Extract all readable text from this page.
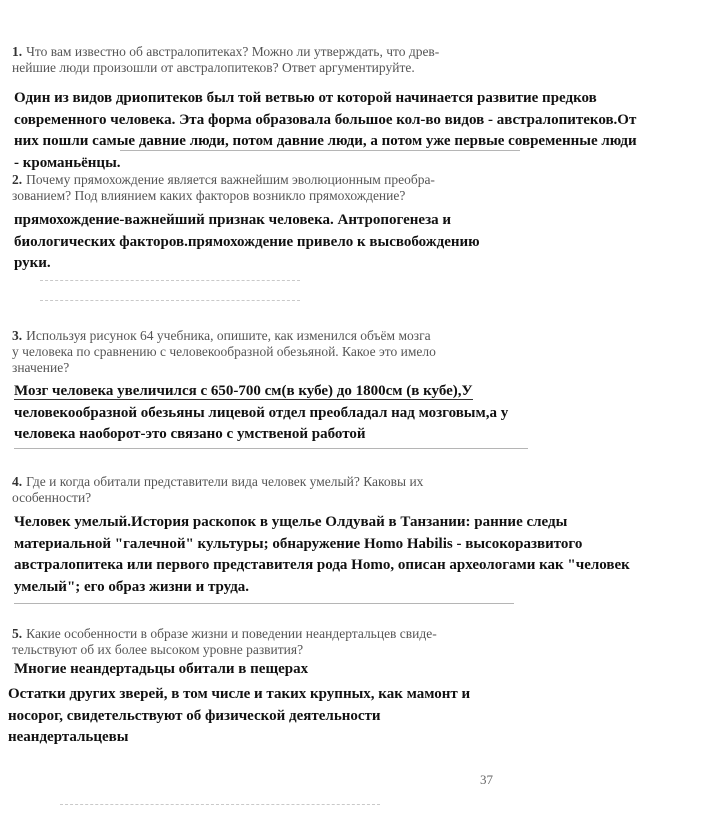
1. Что вам известно об австралопитеках? Можно ли утверждать, что древ-
нейшие люди произошли от австралопитеков? Ответ аргументируйте.
Один из видов дриопитеков был той ветвью от которой начинается развитие предков
современного человека. Эта форма образовала большое кол-во видов - австралопитеков.От
них пошли самые давние люди, потом давние люди, а потом уже первые современные люди
- кроманьёнцы.
2. Почему прямохождение является важнейшим эволюционным преобра-
зованием? Под влиянием каких факторов возникло прямохождение?
прямохождение-важнейший признак человека. Антропогенеза и
биологических факторов.прямохождение привело к высвобождению
руки.
3. Используя рисунок 64 учебника, опишите, как изменился объём мозга
у человека по сравнению с человекообразной обезьяной. Какое это имело
значение?
Мозг человека увеличился с 650-700 см(в кубе) до 1800см (в кубе),У
человекообразной обезьяны лицевой отдел преобладал над мозговым,а у
человека наоборот-это связано с умственой работой
4. Где и когда обитали представители вида человек умелый? Каковы их
особенности?
Человек умелый.История раскопок в ущелье Олдувай в Танзании: ранние следы
материальной "галечной" культуры; обнаружение Homo Habilis - высокоразвитого
австралопитека или первого представителя рода Homo, описан археологами как "человек
умелый"; его образ жизни и труда.
5. Какие особенности в образе жизни и поведении неандертальцев свиде-
тельствуют об их более высоком уровне развития?
Многие неандертадьцы обитали в пещерах
Остатки других зверей, в том числе и таких крупных, как мамонт и
носорог, свидетельствуют об физической деятельности
неандертальцевы
37
